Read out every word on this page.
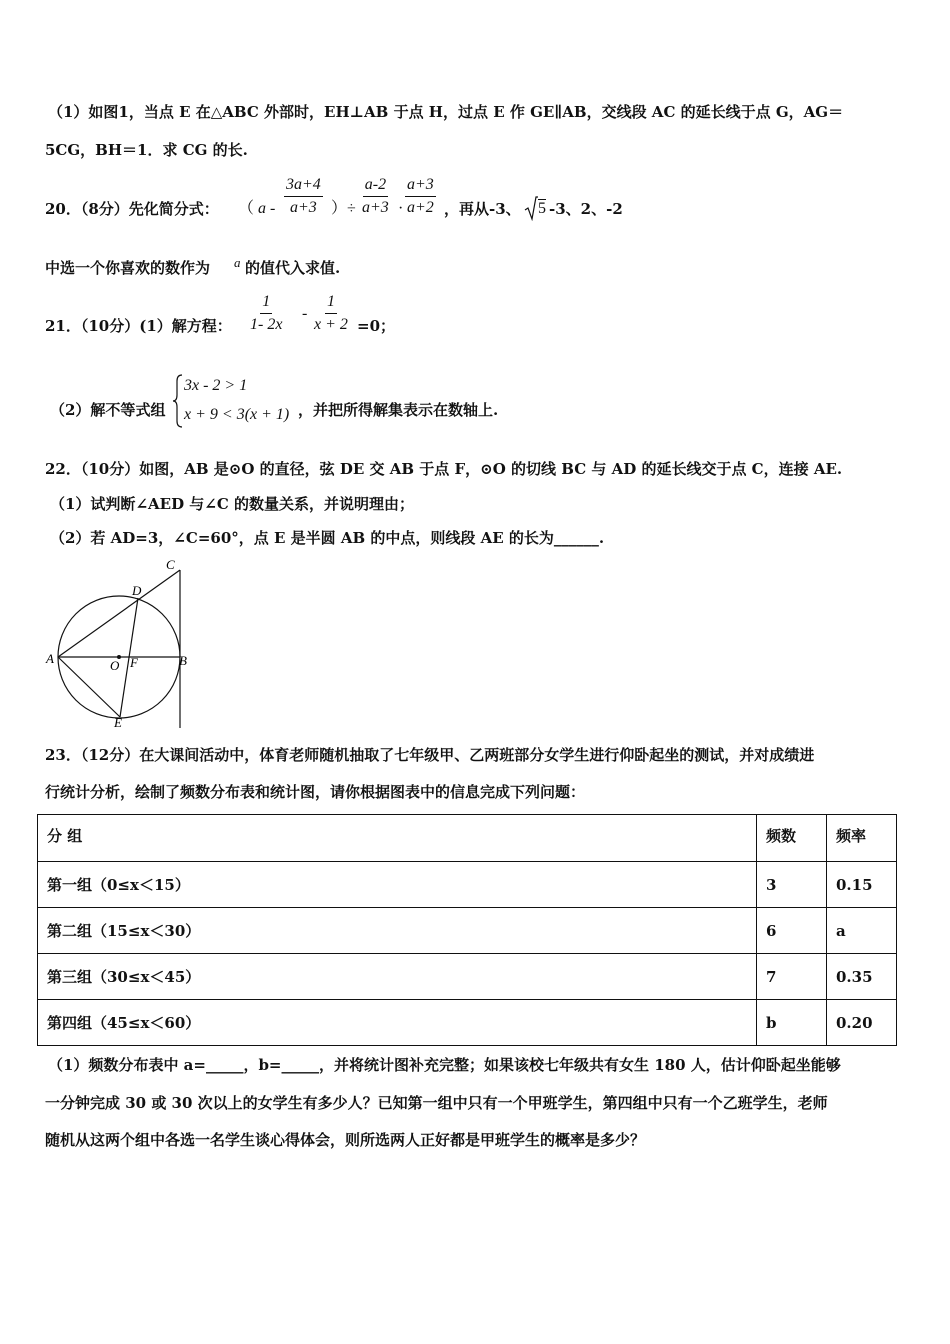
（1）如图1，当点 E 在△ABC 外部时，EH⊥AB 于点 H，过点 E 作 GE∥AB，交线段 AC 的延长线于点 G，AG＝
5CG，BH＝1．求 CG 的长.
20．（8分）先化简分式： （ a - $\frac{3a+4}{a+3}$ ）÷ $\frac{a-2}{a+3} \cdot \frac{a+3}{a+2}$ ，再从-3、 5 -3、2、-2
中选一个你喜欢的数作为 a 的值代入求值.
21．（10分）(1）解方程： $\frac{1}{1- 2x} - \frac{1}{x + 2} =0$；
（2）解不等式组
3x - 2 > 1
x + 9 < 3(x + 1) ，并把所得解集表示在数轴上.
22．（10分）如图，AB 是⊙O 的直径，弦 DE 交 AB 于点 F，⊙O 的切线 BC 与 AD 的延长线交于点 C，连接 AE.
（1）试判断∠AED 与∠C 的数量关系，并说明理由；
（2）若 AD=3，∠C=60°，点 E 是半圆 AB 的中点，则线段 AE 的长为______.
C
D
A	O F	B
E
23．（12分）在大课间活动中，体育老师随机抽取了七年级甲、乙两班部分女学生进行仰卧起坐的测试，并对成绩进
行统计分析，绘制了频数分布表和统计图，请你根据图表中的信息完成下列问题：
分 组	频数	频率
第一组（0≤x＜15）	3	0.15
第二组（15≤x＜30）	6	a
第三组（30≤x＜45）	7	0.35
第四组（45≤x＜60）	b	0.20
（1）频数分布表中 a=_____，b=_____，并将统计图补充完整；如果该校七年级共有女生 180 人，估计仰卧起坐能够
一分钟完成 30 或 30 次以上的女学生有多少人？已知第一组中只有一个甲班学生，第四组中只有一个乙班学生，老师
随机从这两个组中各选一名学生谈心得体会，则所选两人正好都是甲班学生的概率是多少？
